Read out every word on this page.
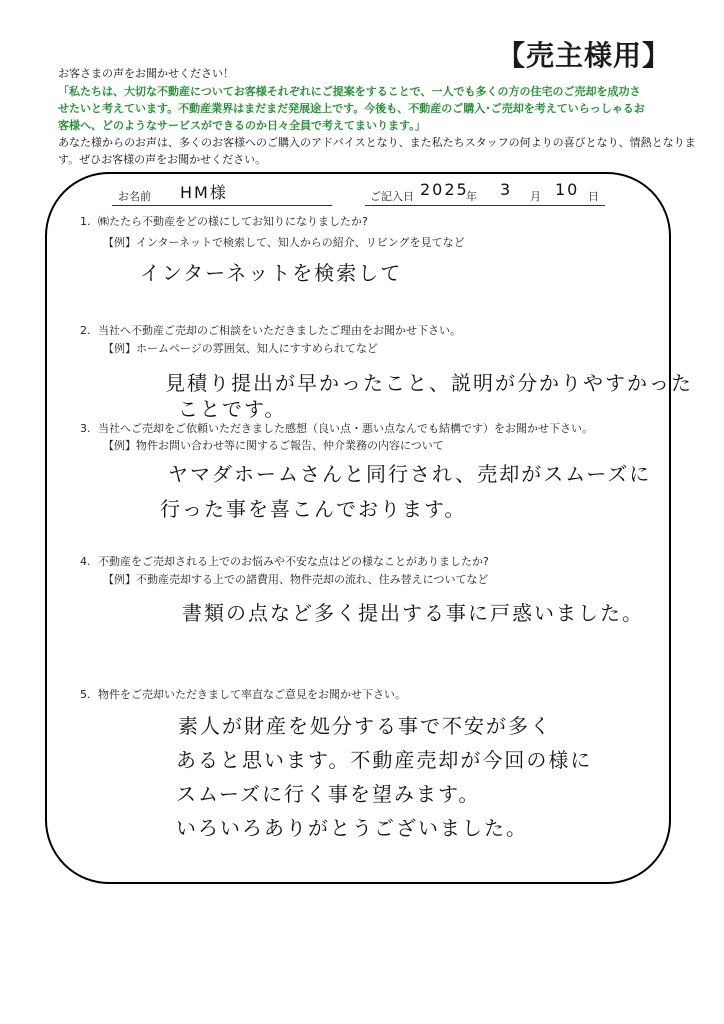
【売主様用】
お客さまの声をお聞かせください！
「私たちは、大切な不動産についてお客様それぞれにご提案をすることで、一人でも多くの方の住宅のご売却を成功さ
せたいと考えています。不動産業界はまだまだ発展途上です。今後も、不動産のご購入･ご売却を考えていらっしゃるお
客様へ、どのようなサービスができるのか日々全員で考えてまいります。」
あなた様からのお声は、多くのお客様へのご購入のアドバイスとなり、また私たちスタッフの何よりの喜びとなり、情熱となりま
す。ぜひお客様の声をお聞かせください。
お名前 HM様	ご記入日 2025
年 3 月 10 日
1. ㈱たたら不動産をどの様にしてお知りになりましたか?
【例】インターネットで検索して、知人からの紹介、リビングを見てなど
インターネットを検索して
2. 当社へ不動産ご売却のご相談をいただきましたご理由をお聞かせ下さい。
【例】ホームページの雰囲気、知人にすすめられてなど
見積り提出が早かったこと、説明が分かりやすかった
ことです。
3. 当社へご売却をご依頼いただきました感想（良い点・悪い点なんでも結構です）をお聞かせ下さい。
【例】物件お問い合わせ等に関するご報告、仲介業務の内容について
ヤマダホームさんと同行され、売却がスムーズに
行った事を喜こんでおります。
4. 不動産をご売却される上でのお悩みや不安な点はどの様なことがありましたか?
【例】不動産売却する上での諸費用、物件売却の流れ、住み替えについてなど
書類の点など多く提出する事に戸惑いました。
5. 物件をご売却いただきまして率直なご意見をお聞かせ下さい。
素人が財産を処分する事で不安が多く
あると思います。不動産売却が今回の様に
スムーズに行く事を望みます。
いろいろありがとうございました。
